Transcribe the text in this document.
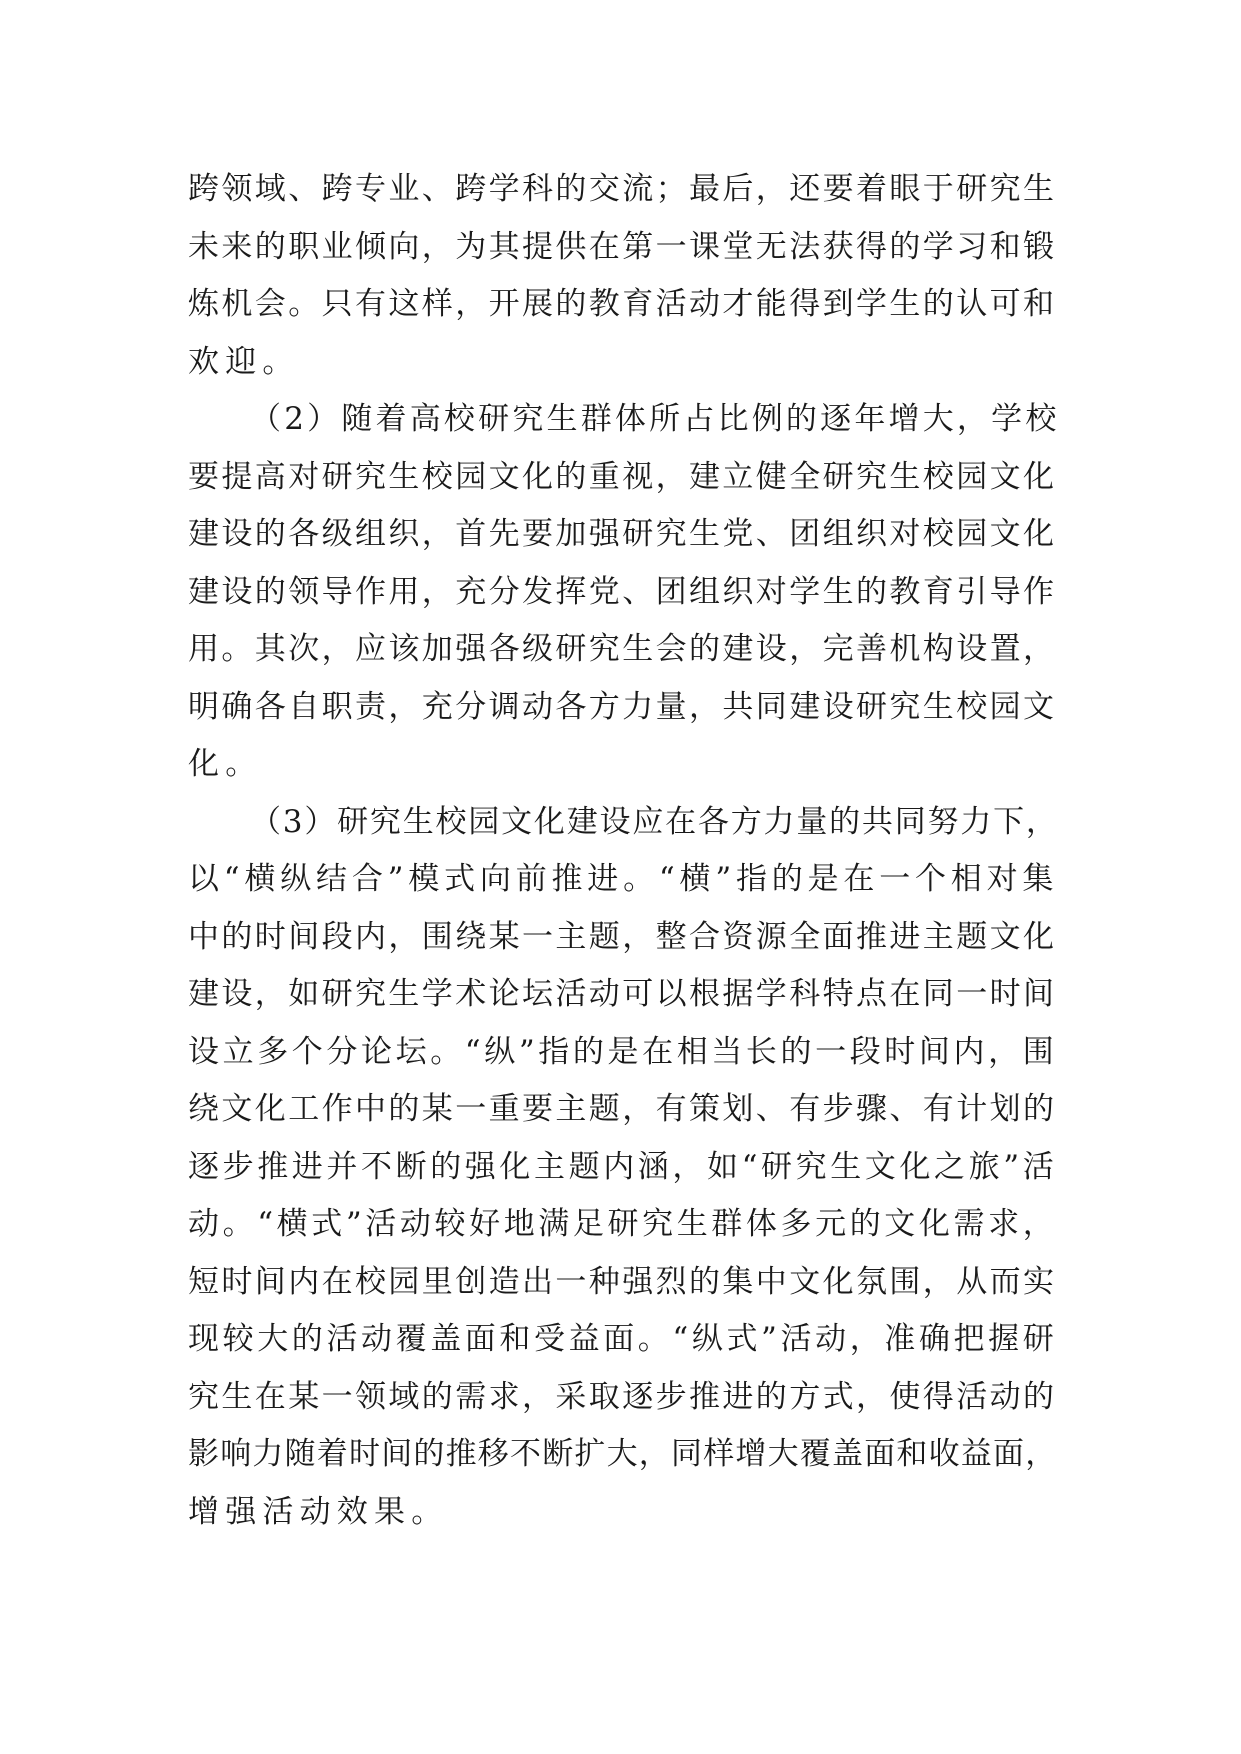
跨领域、跨专业、跨学科的交流；最后，还要着眼于研究生
未来的职业倾向，为其提供在第一课堂无法获得的学习和锻
炼机会。只有这样，开展的教育活动才能得到学生的认可和
欢迎。
（2）随着高校研究生群体所占比例的逐年增大，学校
要提高对研究生校园文化的重视，建立健全研究生校园文化
建设的各级组织，首先要加强研究生党、团组织对校园文化
建设的领导作用，充分发挥党、团组织对学生的教育引导作
用。其次，应该加强各级研究生会的建设，完善机构设置，
明确各自职责，充分调动各方力量，共同建设研究生校园文
化。
（3）研究生校园文化建设应在各方力量的共同努力下，
以“横纵结合”模式向前推进。“横”指的是在一个相对集
中的时间段内，围绕某一主题，整合资源全面推进主题文化
建设，如研究生学术论坛活动可以根据学科特点在同一时间
设立多个分论坛。“纵”指的是在相当长的一段时间内，围
绕文化工作中的某一重要主题，有策划、有步骤、有计划的
逐步推进并不断的强化主题内涵，如“研究生文化之旅”活
动。“横式”活动较好地满足研究生群体多元的文化需求，
短时间内在校园里创造出一种强烈的集中文化氛围，从而实
现较大的活动覆盖面和受益面。“纵式”活动，准确把握研
究生在某一领域的需求，采取逐步推进的方式，使得活动的
影响力随着时间的推移不断扩大，同样增大覆盖面和收益面，
增强活动效果。
